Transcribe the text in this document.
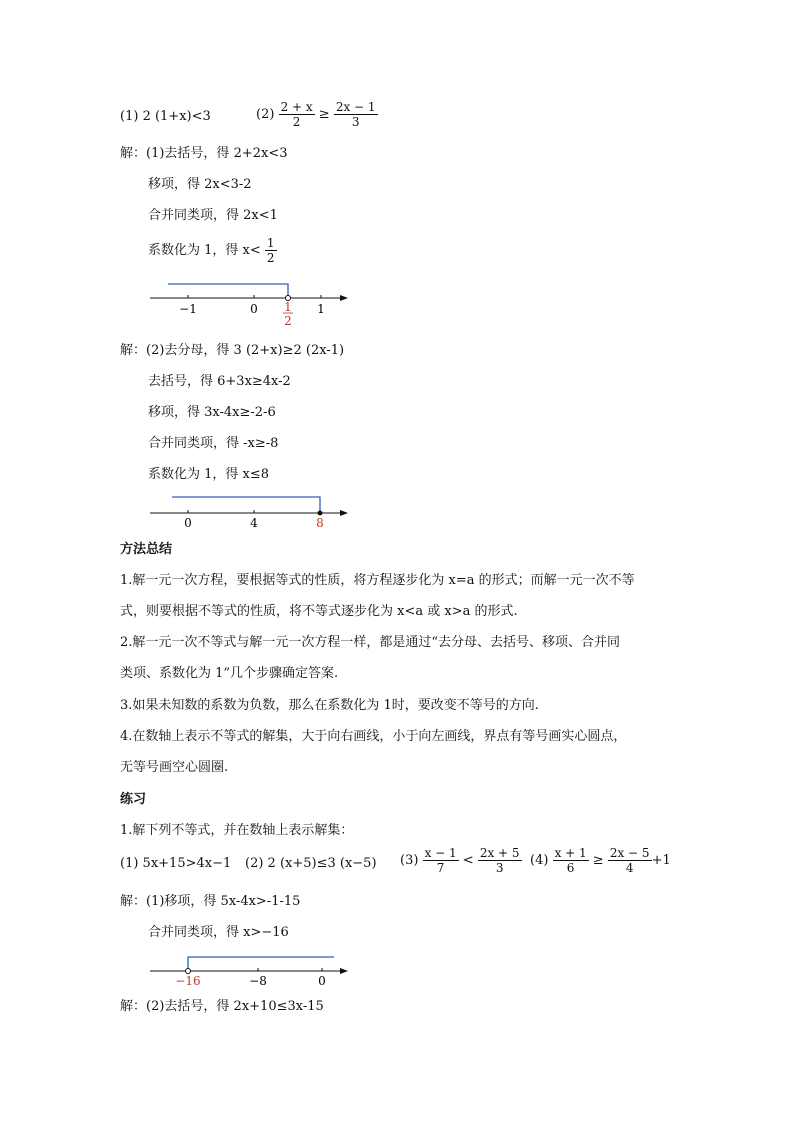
(1) 2 (1+x)<3	$(2) \frac{2 + x}{2} \ge \frac{2x - 1}{3}$
解：(1)去括号，得 2+2x<3
移项，得 2x<3-2
合并同类项，得 2x<1
系数化为 1，得 $x< \frac{1}{2}$
−1	0	1
1
2
解：(2)去分母，得 3 (2+x)≥2 (2x-1)
去括号，得 6+3x≥4x-2
移项，得 3x-4x≥-2-6
合并同类项，得 -x≥-8
系数化为 1，得 x≤8
0	4	8
方法总结
1.解一元一次方程，要根据等式的性质，将方程逐步化为 x=a 的形式；而解一元一次不等
式，则要根据不等式的性质，将不等式逐步化为 x<a 或 x>a 的形式.
2.解一元一次不等式与解一元一次方程一样，都是通过“去分母、去括号、移项、合并同
类项、系数化为 1”几个步骤确定答案.
3.如果未知数的系数为负数，那么在系数化为 1时，要改变不等号的方向.
4.在数轴上表示不等式的解集，大于向右画线，小于向左画线，界点有等号画实心圆点，
无等号画空心圆圈.
练习
1.解下列不等式，并在数轴上表示解集：
(1) 5x+15>4x−1 (2) 2 (x+5)≤3 (x−5) $(3) \frac{x - 1}{7} < \frac{2x + 5}{3} (4) \frac{x + 1}{6} \ge \frac{2x - 5}{4} +1$
解：(1)移项，得 5x-4x>-1-15
合并同类项，得 x>−16
−16	−8	0
解：(2)去括号，得 2x+10≤3x-15
